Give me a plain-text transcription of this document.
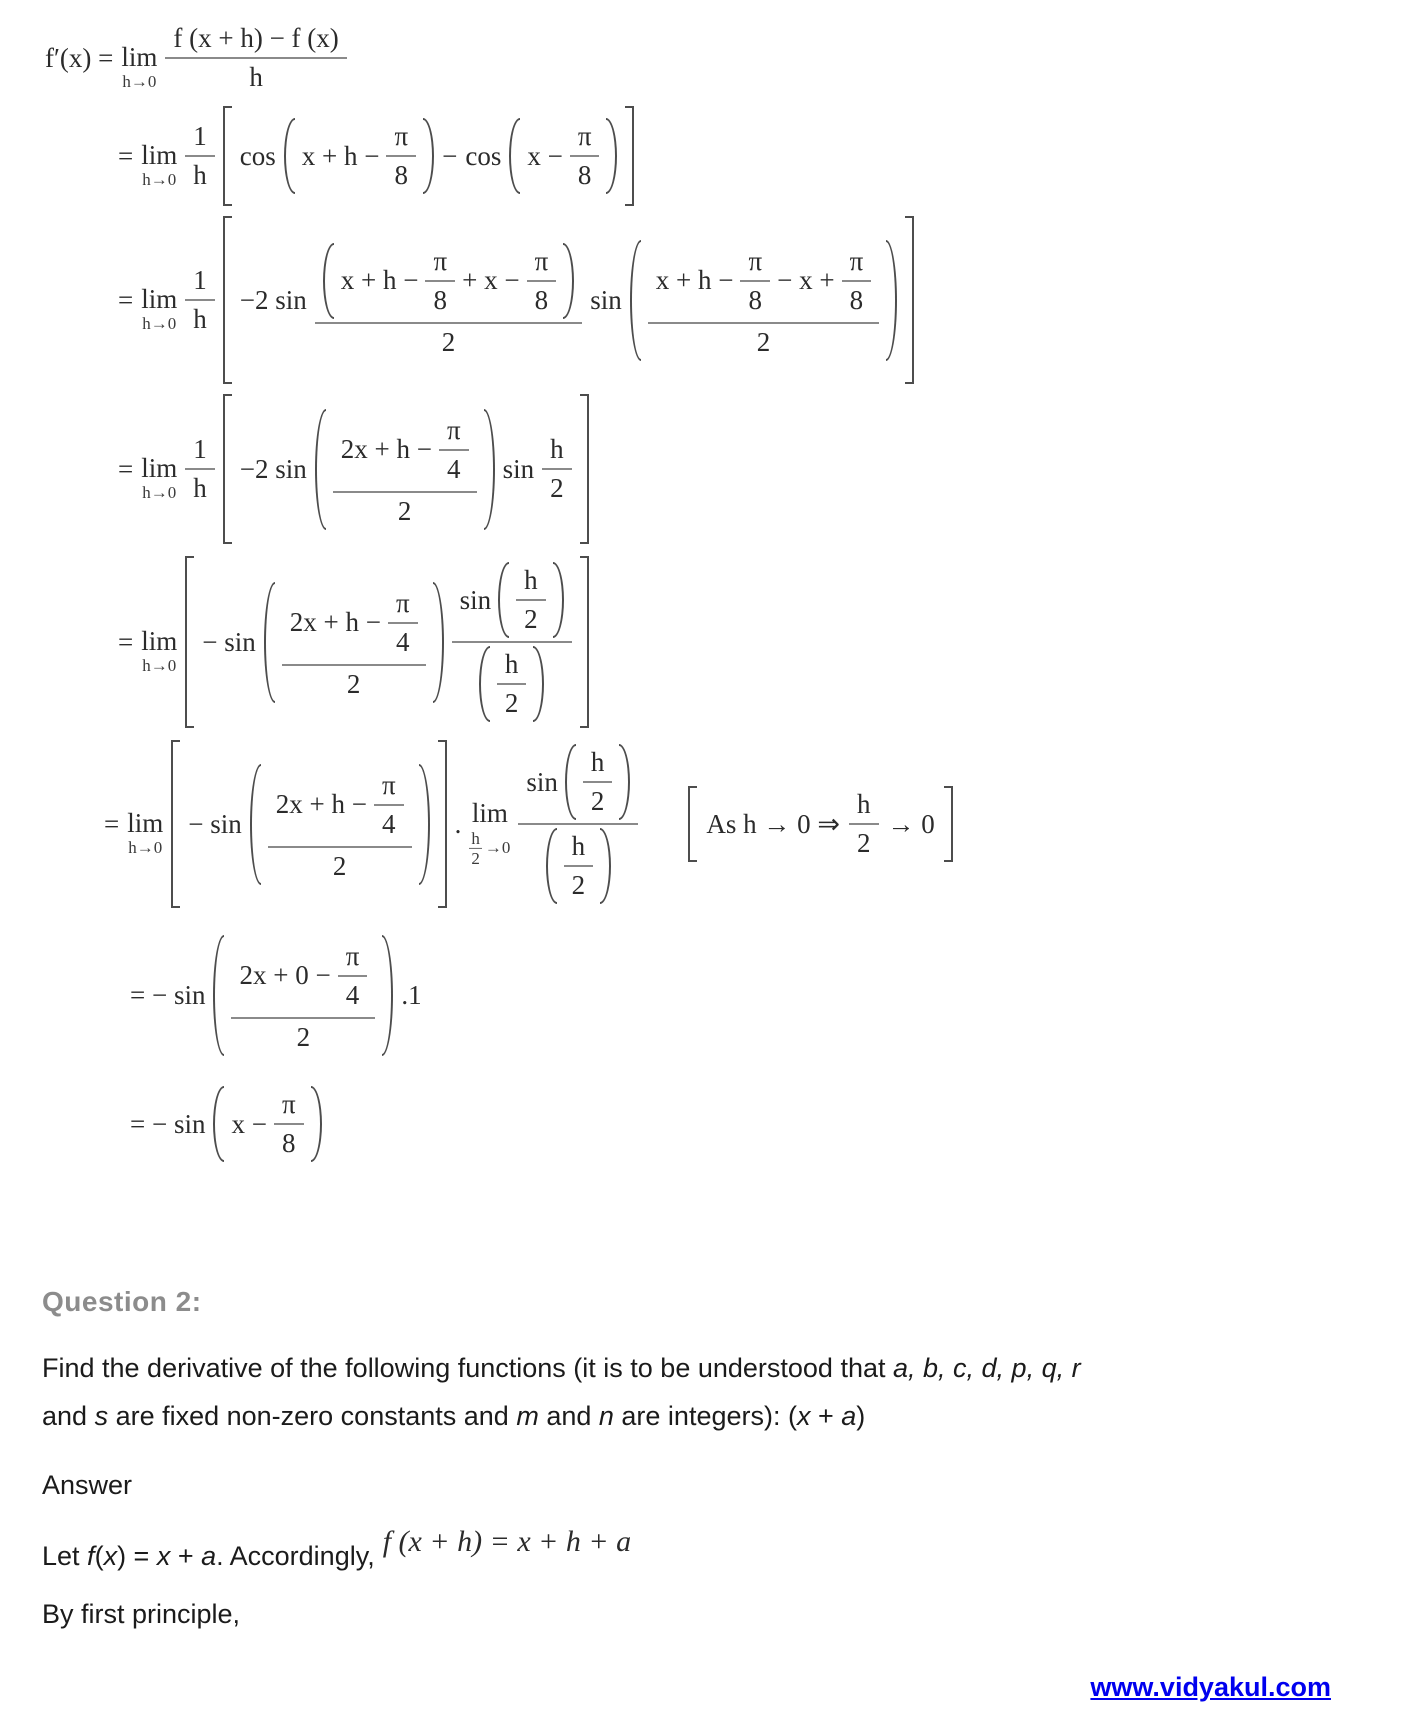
f′(x) = lim
$h\to 0 \frac{f (x + h) - f (x)}{h}$
= lim
$h\to 0 \frac{1}{h}$ $\cos x + h - \frac{\pi}{8} - \cos x - \frac{\pi}{8}$
= lim
$h\to 0 \frac{1}{h} -2$ sin
$x + h - \frac{\pi}{8} + x - \frac{\pi}{8}$
2
sin
$x + h - \frac{\pi}{8} - x + \frac{\pi}{8}$
2
= lim
$h\to 0 \frac{1}{h} -2$ $\sin \frac{2x + h - \frac{\pi}{4}}{2}$ $\sin \frac{h}{2}$
= lim
h→0
− $\sin \frac{2x + h - \frac{\pi}{4}}{2} \frac{\sin \frac{h}{2}}{\frac{h}{2}}$
= lim
h→0
− $\sin \frac{2x + h - \frac{\pi}{4}}{2}$ . lim
$\frac{h}{2} \to 0 \frac{\sin \frac{h}{2}}{\frac{h}{2}}$	As h → 0 ⇒ $\frac{h}{2} \to 0$
= − $\sin \frac{2x + 0 - \frac{\pi}{4}}{2} .1$
= − $\sin x - \frac{\pi}{8}$
Question 2:
Find the derivative of the following functions (it is to be understood that a, b, c, d, p, q, r
and s are fixed non-zero constants and m and n are integers): (x + a)
Answer
Let f(x) = x + a. Accordingly, f (x + h) = x + h + a
By first principle,
www.vidyakul.com
